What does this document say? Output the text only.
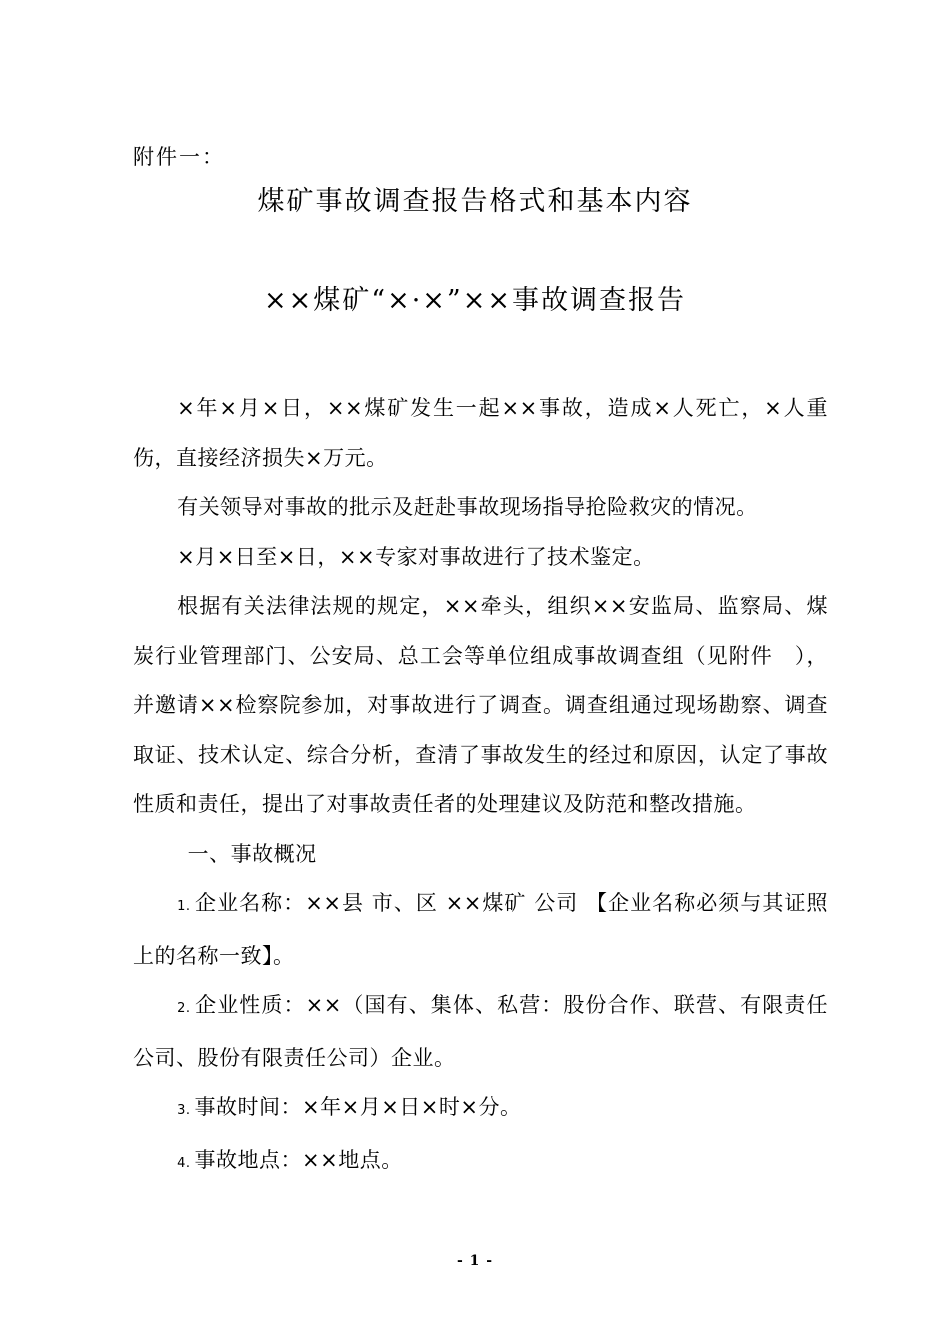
附件一：
煤矿事故调查报告格式和基本内容
××煤矿“×·×”××事故调查报告

×年×月×日，××煤矿发生一起××事故，造成×人死亡，×人重伤，直接经济损失×万元。

有关领导对事故的批示及赶赴事故现场指导抢险救灾的情况。

×月×日至×日，××专家对事故进行了技术鉴定。

根据有关法律法规的规定，××牵头，组织××安监局、监察局、煤炭行业管理部门、公安局、总工会等单位组成事故调查组（见附件　），并邀请××检察院参加，对事故进行了调查。调查组通过现场勘察、调查取证、技术认定、综合分析，查清了事故发生的经过和原因，认定了事故性质和责任，提出了对事故责任者的处理建议及防范和整改措施。

一、事故概况

1. 企业名称：××县 市、区 ××煤矿 公司 【企业名称必须与其证照上的名称一致】。

2. 企业性质：××（国有、集体、私营：股份合作、联营、有限责任公司、股份有限责任公司）企业。

3. 事故时间：×年×月×日×时×分。

4. 事故地点：××地点。

- 1 -
